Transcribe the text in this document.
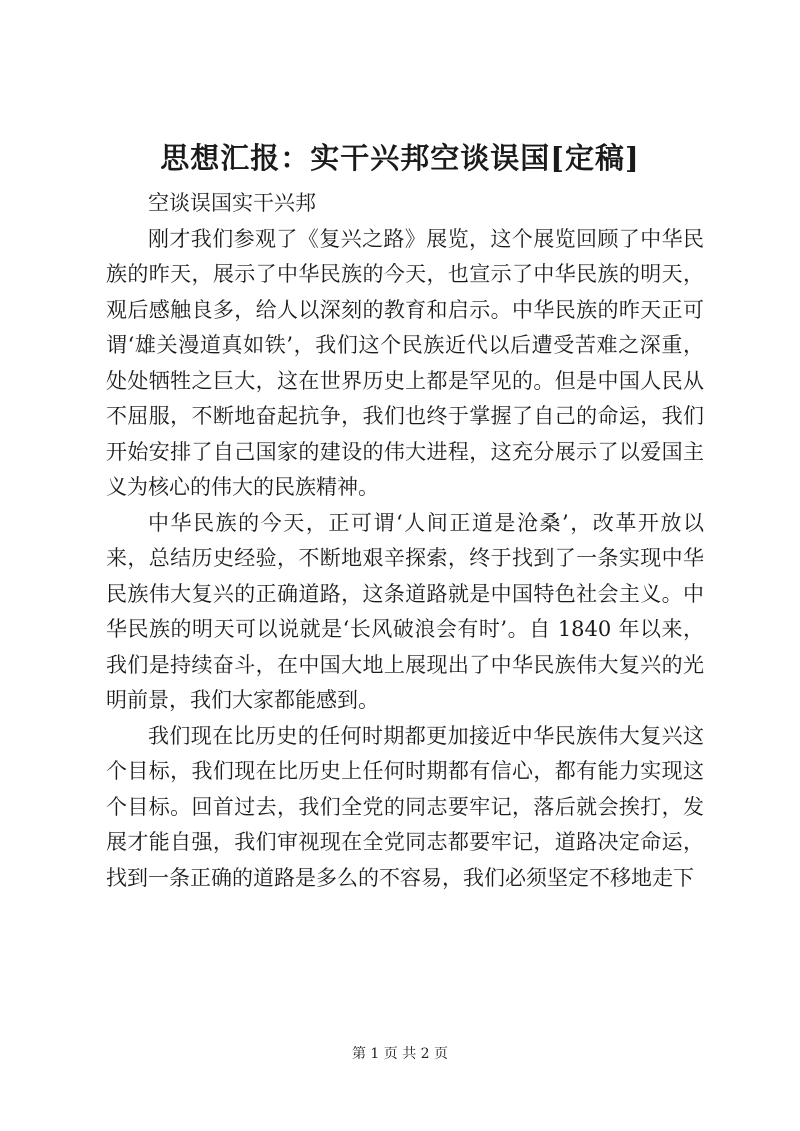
思想汇报：实干兴邦空谈误国[定稿]

空谈误国实干兴邦

刚才我们参观了《复兴之路》展览，这个展览回顾了中华民族的昨天，展示了中华民族的今天，也宣示了中华民族的明天，观后感触良多，给人以深刻的教育和启示。中华民族的昨天正可谓‘雄关漫道真如铁’，我们这个民族近代以后遭受苦难之深重，处处牺牲之巨大，这在世界历史上都是罕见的。但是中国人民从不屈服，不断地奋起抗争，我们也终于掌握了自己的命运，我们开始安排了自己国家的建设的伟大进程，这充分展示了以爱国主义为核心的伟大的民族精神。

中华民族的今天，正可谓‘人间正道是沧桑’，改革开放以来，总结历史经验，不断地艰辛探索，终于找到了一条实现中华民族伟大复兴的正确道路，这条道路就是中国特色社会主义。中华民族的明天可以说就是‘长风破浪会有时’。自 1840 年以来，我们是持续奋斗，在中国大地上展现出了中华民族伟大复兴的光明前景，我们大家都能感到。

我们现在比历史的任何时期都更加接近中华民族伟大复兴这个目标，我们现在比历史上任何时期都有信心，都有能力实现这个目标。回首过去，我们全党的同志要牢记，落后就会挨打，发展才能自强，我们审视现在全党同志都要牢记，道路决定命运，找到一条正确的道路是多么的不容易，我们必须坚定不移地走下

第 1 页 共 2 页
